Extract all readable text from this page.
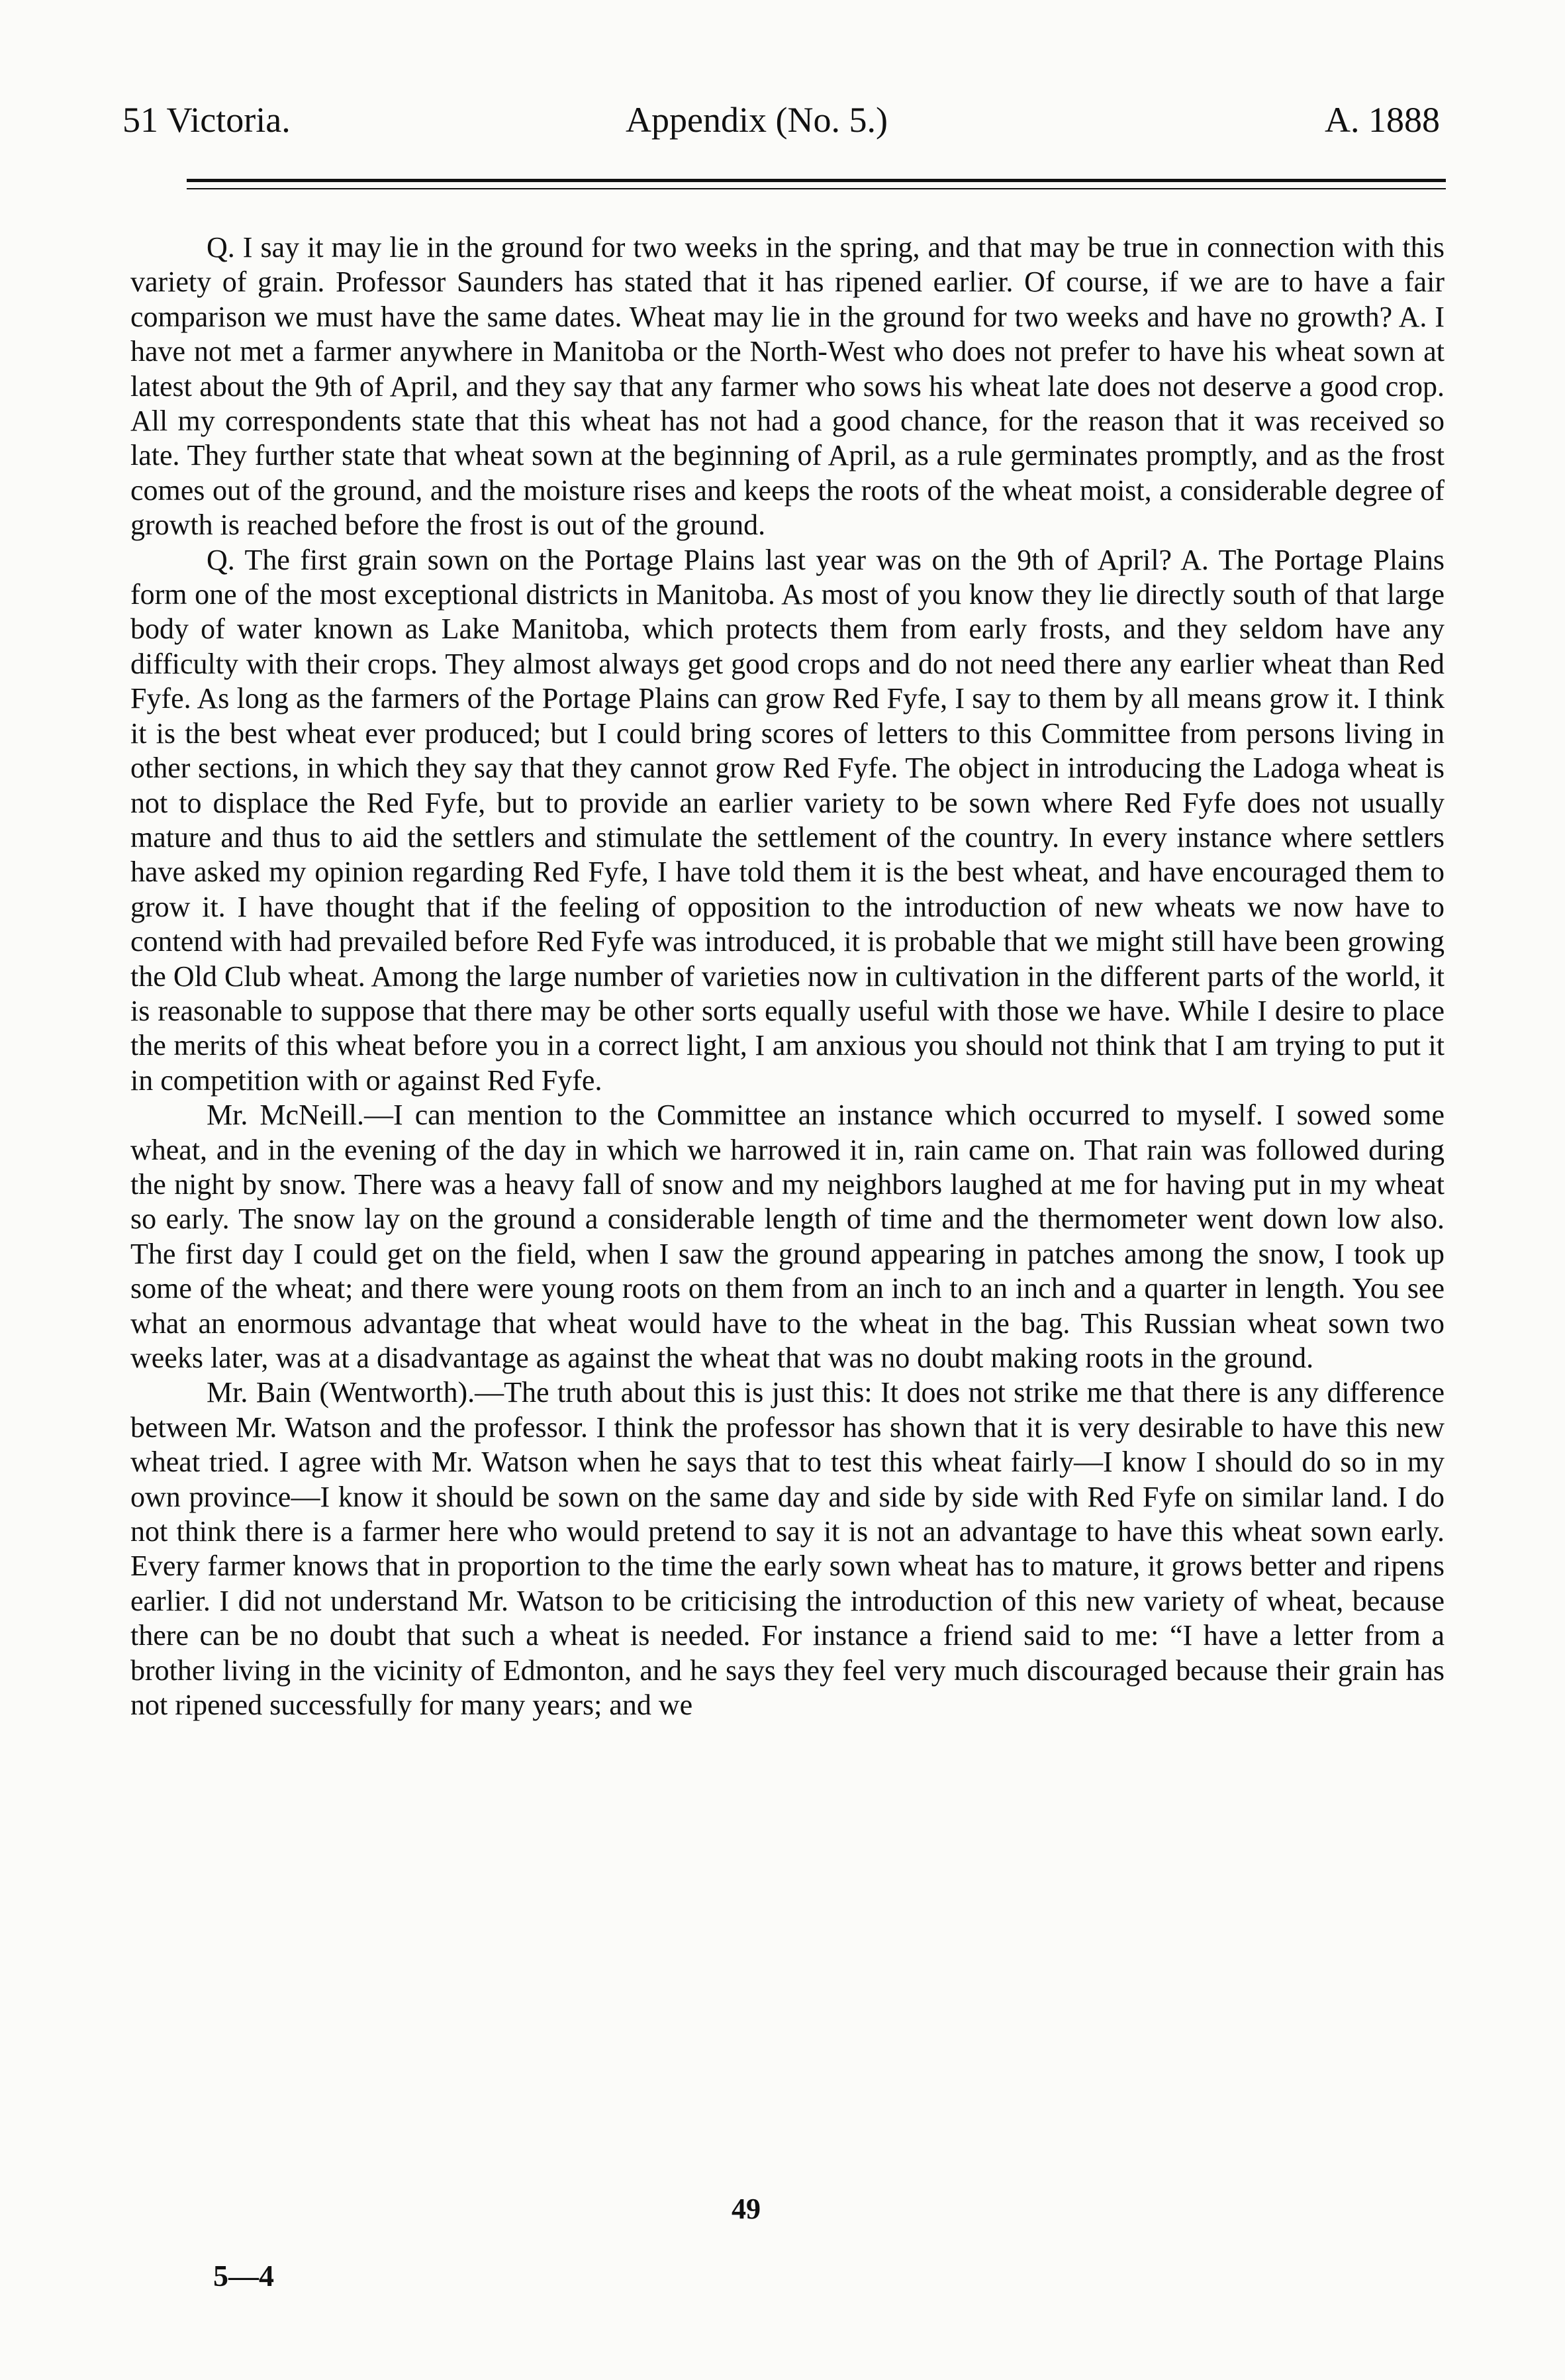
51 Victoria.	Appendix (No. 5.)	A. 1888

Q. I say it may lie in the ground for two weeks in the spring, and that may be true in connection with this variety of grain. Professor Saunders has stated that it has ripened earlier. Of course, if we are to have a fair comparison we must have the same dates. Wheat may lie in the ground for two weeks and have no growth? A. I have not met a farmer anywhere in Manitoba or the North-West who does not prefer to have his wheat sown at latest about the 9th of April, and they say that any farmer who sows his wheat late does not deserve a good crop. All my correspondents state that this wheat has not had a good chance, for the reason that it was received so late. They further state that wheat sown at the beginning of April, as a rule germinates promptly, and as the frost comes out of the ground, and the moisture rises and keeps the roots of the wheat moist, a considerable degree of growth is reached before the frost is out of the ground.

Q. The first grain sown on the Portage Plains last year was on the 9th of April? A. The Portage Plains form one of the most exceptional districts in Manitoba. As most of you know they lie directly south of that large body of water known as Lake Manitoba, which protects them from early frosts, and they seldom have any difficulty with their crops. They almost always get good crops and do not need there any earlier wheat than Red Fyfe. As long as the farmers of the Portage Plains can grow Red Fyfe, I say to them by all means grow it. I think it is the best wheat ever produced; but I could bring scores of letters to this Committee from persons living in other sections, in which they say that they cannot grow Red Fyfe. The object in introducing the Ladoga wheat is not to displace the Red Fyfe, but to provide an earlier variety to be sown where Red Fyfe does not usually mature and thus to aid the settlers and stimulate the settlement of the country. In every instance where settlers have asked my opinion regarding Red Fyfe, I have told them it is the best wheat, and have encouraged them to grow it. I have thought that if the feeling of opposition to the introduction of new wheats we now have to contend with had prevailed before Red Fyfe was introduced, it is probable that we might still have been growing the Old Club wheat. Among the large number of varieties now in cultivation in the different parts of the world, it is reasonable to suppose that there may be other sorts equally useful with those we have. While I desire to place the merits of this wheat before you in a correct light, I am anxious you should not think that I am trying to put it in competition with or against Red Fyfe.

Mr. McNeill.—I can mention to the Committee an instance which occurred to myself. I sowed some wheat, and in the evening of the day in which we harrowed it in, rain came on. That rain was followed during the night by snow. There was a heavy fall of snow and my neighbors laughed at me for having put in my wheat so early. The snow lay on the ground a considerable length of time and the thermometer went down low also. The first day I could get on the field, when I saw the ground appearing in patches among the snow, I took up some of the wheat; and there were young roots on them from an inch to an inch and a quarter in length. You see what an enormous advantage that wheat would have to the wheat in the bag. This Russian wheat sown two weeks later, was at a disadvantage as against the wheat that was no doubt making roots in the ground.

Mr. Bain (Wentworth).—The truth about this is just this: It does not strike me that there is any difference between Mr. Watson and the professor. I think the professor has shown that it is very desirable to have this new wheat tried. I agree with Mr. Watson when he says that to test this wheat fairly—I know I should do so in my own province—I know it should be sown on the same day and side by side with Red Fyfe on similar land. I do not think there is a farmer here who would pretend to say it is not an advantage to have this wheat sown early. Every farmer knows that in proportion to the time the early sown wheat has to mature, it grows better and ripens earlier. I did not understand Mr. Watson to be criticising the introduction of this new variety of wheat, because there can be no doubt that such a wheat is needed. For instance a friend said to me: “I have a letter from a brother living in the vicinity of Edmonton, and he says they feel very much discouraged because their grain has not ripened successfully for many years; and we

49
5—4
